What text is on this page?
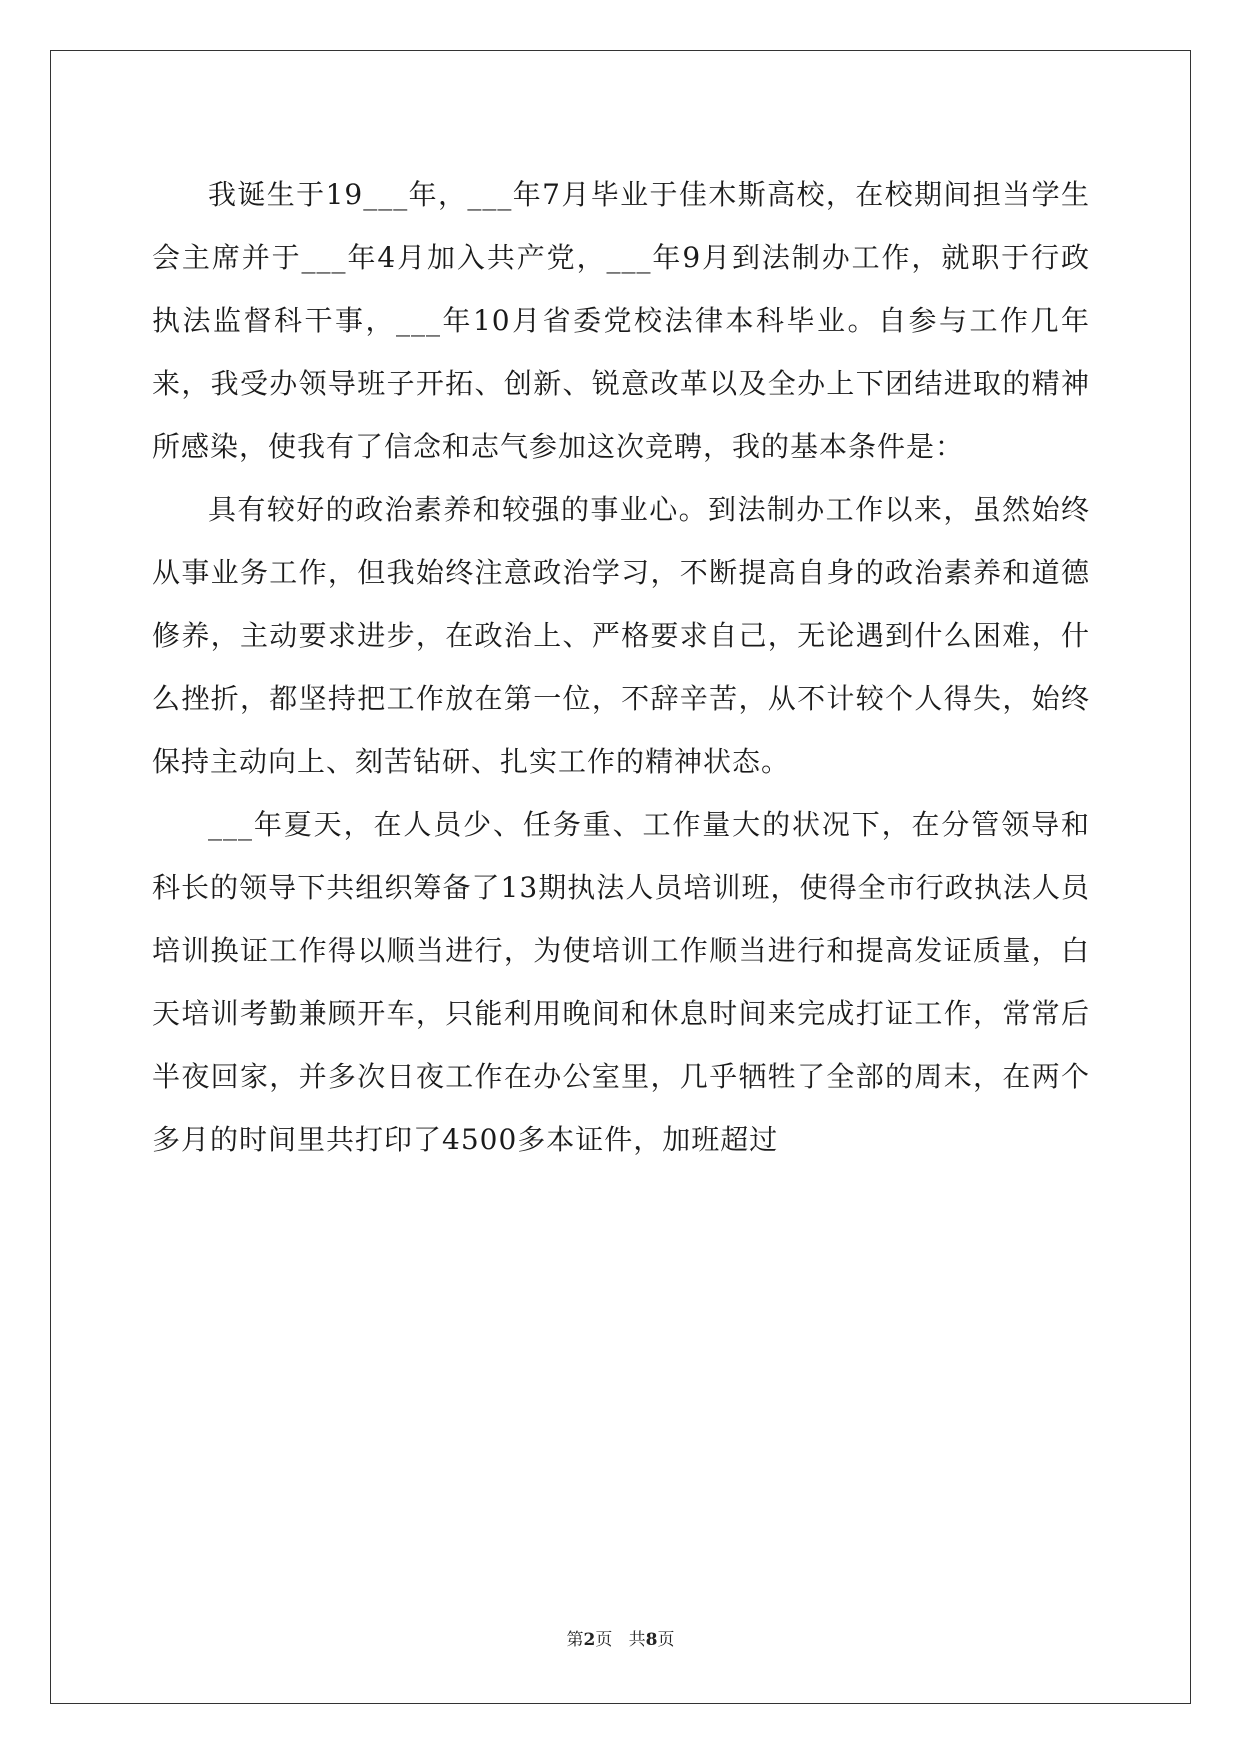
我诞生于19___年，___年7月毕业于佳木斯高校，在校期间担当学生会主席并于___年4月加入共产党，___年9月到法制办工作，就职于行政执法监督科干事，___年10月省委党校法律本科毕业。自参与工作几年来，我受办领导班子开拓、创新、锐意改革以及全办上下团结进取的精神所感染，使我有了信念和志气参加这次竞聘，我的基本条件是：

具有较好的政治素养和较强的事业心。到法制办工作以来，虽然始终从事业务工作，但我始终注意政治学习，不断提高自身的政治素养和道德修养，主动要求进步，在政治上、严格要求自己，无论遇到什么困难，什么挫折，都坚持把工作放在第一位，不辞辛苦，从不计较个人得失，始终保持主动向上、刻苦钻研、扎实工作的精神状态。

___年夏天，在人员少、任务重、工作量大的状况下，在分管领导和科长的领导下共组织筹备了13期执法人员培训班，使得全市行政执法人员培训换证工作得以顺当进行，为使培训工作顺当进行和提高发证质量，白天培训考勤兼顾开车，只能利用晚间和休息时间来完成打证工作，常常后半夜回家，并多次日夜工作在办公室里，几乎牺牲了全部的周末，在两个多月的时间里共打印了4500多本证件，加班超过

第2页 共8页
